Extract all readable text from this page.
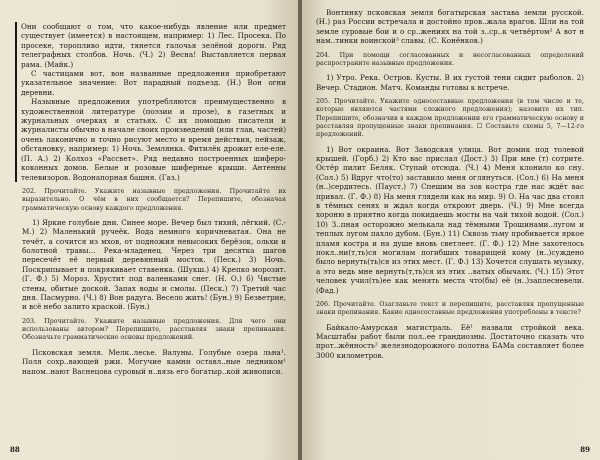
Они сообщают о том, что какое-нибудь явление или предмет существует (имеется) в настоящем, например: 1) Лес. Просека. По просеке, торопливо идти, тянется галочья зелёной дороги. Ряд телеграфных столбов. Ночь. (Ч.) 2) Весна! Выставляется первая рама. (Майк.)

С частицами вот, вон названные предложения приобретают указательное значение: Вот парадный подъезд. (Н.) Вон огни деревни.

Назывные предложения употребляются преимущественно в художественной литературе (поэзии и прозе), в газетных и журнальных очерках и статьях. С их помощью писатели и журналисты обычно в начале своих произведений (или глав, частей) очень лаконично и точно рисуют место и время действия, пейзаж, обстановку, например: 1) Ночь. Землянка. Фитилёк дрожит еле-еле. (П. А.) 2) Колхоз «Рассвет». Ряд недавно построенных шиферо-коконных домов. Белые и розовые шиферные крыши. Антенны телевизоров. Водонапорная башня. (Газ.)

202. Прочитайте. Укажите назывные предложения. Прочитайте их выразительно. О чём в них сообщается? Перепишите, обозначая грамматическую основу каждого предложения.

1) Яркие голубые дни. Синее море. Вечер был тихий, лёгкий. (С.-М.) 2) Маленький ручеёк. Вода немного коричневатая. Она не течёт, а сочится из мхов, от подножия невысоких берёзок, ольхи и болотной травы... Река-младенец. Через три десятка шагов пересечёт её первый деревянный мосток. (Песк.) 3) Ночь. Поскрипывает и покрякивает ставенка. (Шукш.) 4) Крепко морозит. (Г. Ф.) 5) Мороз. Хрустит под валенками снег. (Н. О.) 6) Чистые стены, обитые доской. Запах воды и смолы. (Песк.) 7) Третий час дня. Пасмурно. (Ч.) 8) Вон радуга. Весело жить! (Бун.) 9) Безветрие, и всё небо залито краской. (Бун.)

203. Прочитайте. Укажите назывные предложения. Для чего они использованы автором? Перепишите, расставляя знаки препинания. Обозначьте грамматические основы предложений.

Псковская земля. Мелк..лесье. Валуны. Голубые озера льна¹. Поля сохр..вающей ржи. Могучие камни оставл..ные ледником¹ напом..нают Васнецова суровый н..вязь его богатыр..кой живописи.

88

Вонтинку псковская земля богатырская застава земли русской. (Н.) раз России встречала и достойно пров..жала врагов. Шли на той земле суровые бои и о ср..жениях на той з..ср..к четвёртом² А вот н нам..тинки воинской³ славы. (С. Конёнков.)

204. При помощи согласованных и несогласованных определений распространите назывные предложения.

1) Утро. Река. Остров. Кусты. В их густой тени сидит рыболов. 2) Вечер. Стадион. Матч. Команды готовы к встрече.

205. Прочитайте. Укажите односоставные предложения (в том числе и те, которые являются частями сложного предложения); назовите их тип. Перепишите, обозначив в каждом предложении его грамматическую основу и расставляя пропущенные знаки препинания. ☐ Составьте схемы 5, 7—12-го предложений.

1) Вот окраина. Вот Заводская улица. Вот домик под толевой крышей. (Горб.) 2) Кто вас прислал (Дост.) 3) При мне (т) сотрите. Остёр пилит Беляк. Ступай отсюда. (Ч.) 4) Меня клонило ко сну. (Сол.) 5) Вдруг что(то) заставило меня оглянуться. (Сол.) 6) На меня (н..)сердитесь. (Пауст.) 7) Спешим на зов костра где нас ждёт вас привал. (Г. Ф.) 8) На меня глядели как на мир. 9) О. На час два стоял в тёмных сенях и ждал когда откроют дверь. (Ч.) 9) Мне всегда хороню в приятно когда покидаешь мосты на чай тихой водой. (Сол.) 10) З..пная осторожно мелькала над тёмными Трошинами..лугом и теплых лугом пахло дубом. (Бун.) 11) Сквозь тьму пробивается яркое пламя костра и на душе вновь светлеет. (Г. Ф.) 12) Мне захотелось покл..ни(т,ть)ся могилам погибших товарищей кому (н..)суждено было вернуть(ть)ся из этих мест. (Г. Ф.) 13) Хочется слушать музыку, а это ведь мне вернуть(т,ть)ся из этих ..ватых обычаях. (Ч.) 15) Этот человек учил(ть)ее как менять места что(бы) её (н..)заплесневели. (Фад.)

206. Прочитайте. Озаглавьте текст и перепишите, расставляя пропущенные знаки препинания. Какие односоставные предложения употреблены в тексте?

Байкало-Амурская магистраль. Её¹ назвали стройкой века. Масштабы работ были пол..ее грандиозны. Достаточно сказать что прот..жённость² железнодорожного полотна БАМа составляет более 3000 километров.

89
